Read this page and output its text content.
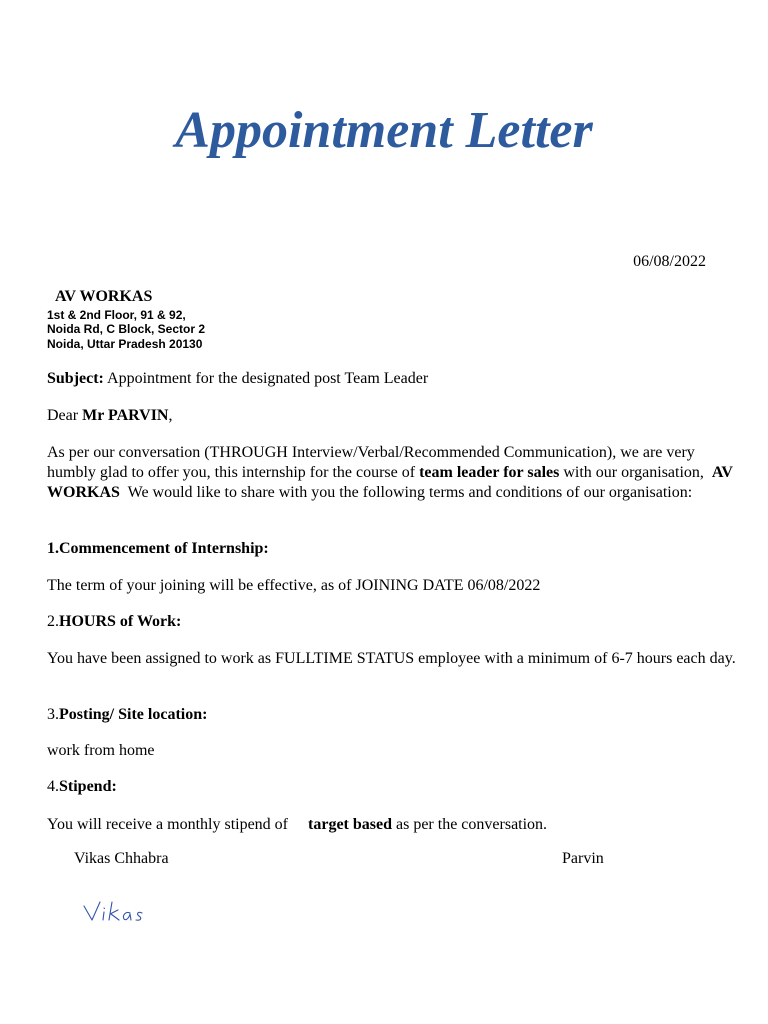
Appointment Letter
06/08/2022
AV WORKAS
1st & 2nd Floor, 91 & 92,
Noida Rd, C Block, Sector 2
Noida, Uttar Pradesh 20130
Subject: Appointment for the designated post Team Leader
Dear Mr PARVIN,
As per our conversation (THROUGH Interview/Verbal/Recommended Communication), we are very humbly glad to offer you, this internship for the course of team leader for sales with our organisation, AV WORKAS We would like to share with you the following terms and conditions of our organisation:
1.Commencement of Internship:
The term of your joining will be effective, as of JOINING DATE 06/08/2022
2.HOURS of Work:
You have been assigned to work as FULLTIME STATUS employee with a minimum of 6-7 hours each day.
3.Posting/ Site location:
work from home
4.Stipend:
You will receive a monthly stipend of target based as per the conversation.
Vikas Chhabra	Parvin
